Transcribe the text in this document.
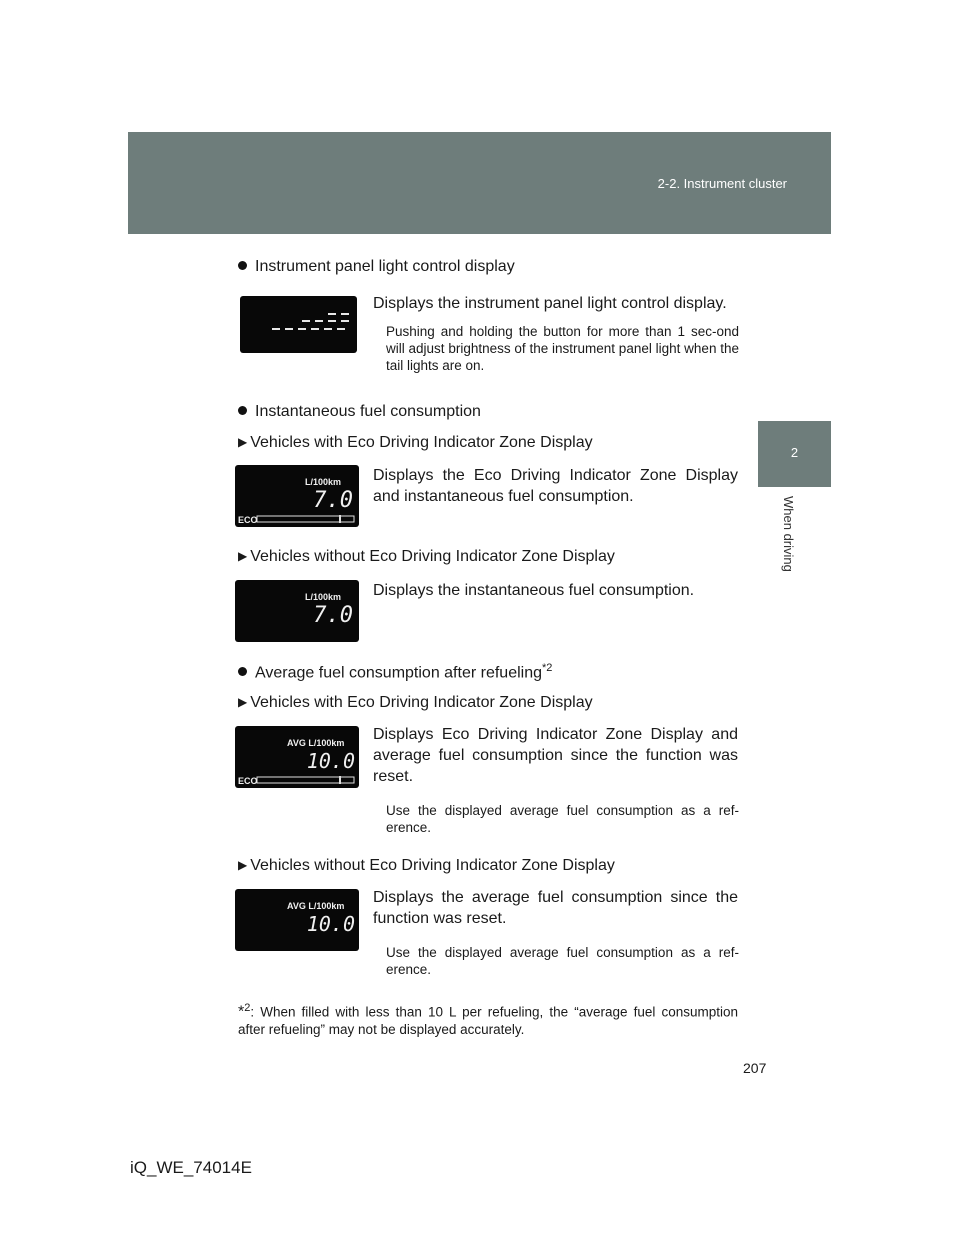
2-2. Instrument cluster
2
When driving
Instrument panel light control display
Displays the instrument panel light control display.
Pushing and holding the button for more than 1 sec-ond will adjust brightness of the instrument panel light when the tail lights are on.
Instantaneous fuel consumption
▶ Vehicles with Eco Driving Indicator Zone Display
L/100km
7.0
ECO
Displays the Eco Driving Indicator Zone Display and instantaneous fuel consumption.
▶ Vehicles without Eco Driving Indicator Zone Display
L/100km
7.0
Displays the instantaneous fuel consumption.
Average fuel consumption after refueling$^{*2}$
▶ Vehicles with Eco Driving Indicator Zone Display
AVG L/100km
10.0
ECO
Displays Eco Driving Indicator Zone Display and average fuel consumption since the function was reset.
Use the displayed average fuel consumption as a ref-erence.
▶ Vehicles without Eco Driving Indicator Zone Display
AVG L/100km
10.0
Displays the average fuel consumption since the function was reset.
Use the displayed average fuel consumption as a ref-erence.
*$^2$: When filled with less than 10 L per refueling, the “average fuel consumption after refueling” may not be displayed accurately.
207
iQ_WE_74014E
